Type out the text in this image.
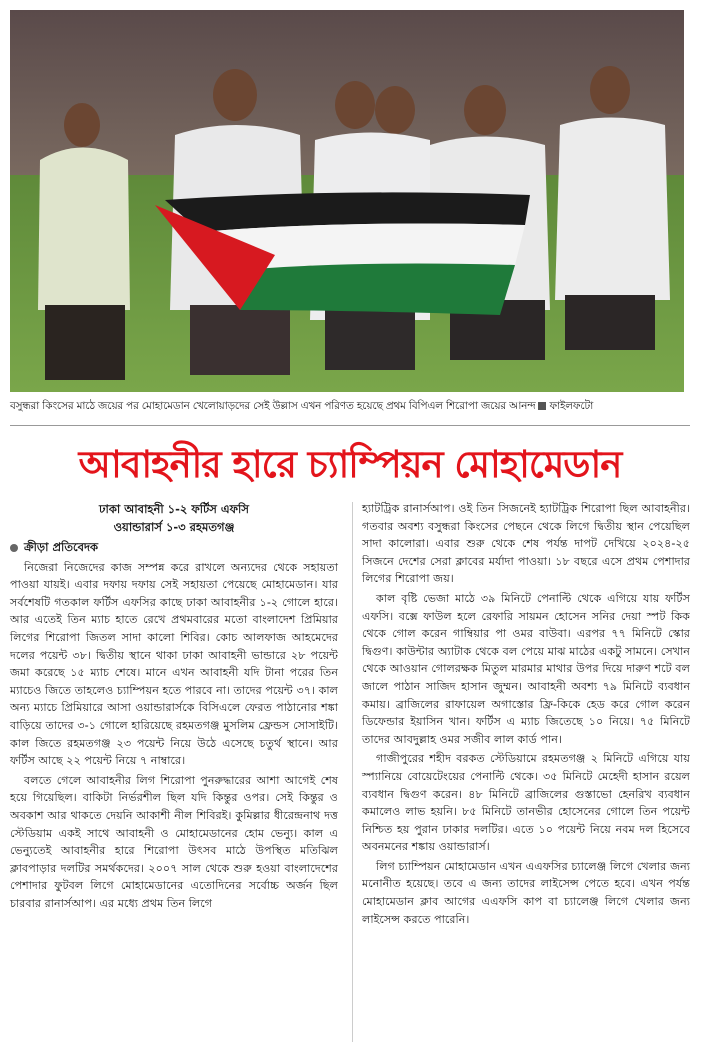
বসুন্ধরা কিংসের মাঠে জয়ের পর মোহামেডান খেলোয়াড়দের সেই উল্লাস এখন পরিণত হয়েছে প্রথম বিপিএল শিরোপা জয়ের আনন্দ ফাইলফটো
আবাহনীর হারে চ্যাম্পিয়ন মোহামেডান
ঢাকা আবাহনী ১-২ ফর্টিস এফসি
ওয়ান্ডারার্স ১-৩ রহমতগঞ্জ
ক্রীড়া প্রতিবেদক

নিজেরা নিজেদের কাজ সম্পন্ন করে রাখলে অন্যদের থেকে সহায়তা পাওয়া যায়ই। এবার দফায় দফায় সেই সহায়তা পেয়েছে মোহামেডান। যার সর্বশেষটি গতকাল ফর্টিস এফসির কাছে ঢাকা আবাহনীর ১-২ গোলে হারে। আর এতেই তিন ম্যাচ হাতে রেখে প্রথমবারের মতো বাংলাদেশ প্রিমিয়ার লিগের শিরোপা জিতল সাদা কালো শিবির। কোচ আলফাজ আহমেদের দলের পয়েন্ট ৩৮। দ্বিতীয় স্থানে থাকা ঢাকা আবাহনী ভান্ডারে ২৮ পয়েন্ট জমা করেছে ১৫ ম্যাচ শেষে। মানে এখন আবাহনী যদি টানা পরের তিন ম্যাচেও জিতে তাহলেও চ্যাম্পিয়ন হতে পারবে না। তাদের পয়েন্ট ৩৭। কাল অন্য ম্যাচে প্রিমিয়ারে আসা ওয়ান্ডারার্সকে বিসিএলে ফেরত পাঠানোর শঙ্কা বাড়িয়ে তাদের ৩-১ গোলে হারিয়েছে রহমতগঞ্জ মুসলিম ফ্রেন্ডস সোসাইটি। কাল জিতে রহমতগঞ্জ ২৩ পয়েন্ট নিয়ে উঠে এসেছে চতুর্থ স্থানে। আর ফর্টিস আছে ২২ পয়েন্ট নিয়ে ৭ নাম্বারে।

বলতে গেলে আবাহনীর লিগ শিরোপা পুনরুদ্ধারের আশা আগেই শেষ হয়ে গিয়েছিল। বাকিটা নির্ভরশীল ছিল যদি কিন্তুর ওপর। সেই কিন্তুর ও অবকাশ আর থাকতে দেয়নি আকাশী নীল শিবিরই। কুমিল্লার ধীরেন্দ্রনাথ দত্ত স্টেডিয়াম একই সাথে আবাহনী ও মোহামেডানের হোম ভেন্যু। কাল এ ভেন্যুতেই আবাহনীর হারে শিরোপা উৎসব মাঠে উপস্থিত মতিঝিল ক্লাবপাড়ার দলটির সমর্থকদের। ২০০৭ সাল থেকে শুরু হওয়া বাংলাদেশের পেশাদার ফুটবল লিগে মোহামেডানের এতোদিনের সর্বোচ্চ অর্জন ছিল চারবার রানার্সআপ। এর মধ্যে প্রথম তিন লিগে

হ্যাটট্রিক রানার্সআপ। ওই তিন সিজনেই হ্যাটট্রিক শিরোপা ছিল আবাহনীর। গতবার অবশ্য বসুন্ধরা কিংসের পেছনে থেকে লিগে দ্বিতীয় স্থান পেয়েছিল সাদা কালোরা। এবার শুরু থেকে শেষ পর্যন্ত দাপট দেখিয়ে ২০২৪-২৫ সিজনে দেশের সেরা ক্লাবের মর্যাদা পাওয়া। ১৮ বছরে এসে প্রথম পেশাদার লিগের শিরোপা জয়।

কাল বৃষ্টি ভেজা মাঠে ৩৯ মিনিটে পেনাল্টি থেকে এগিয়ে যায় ফর্টিস এফসি। বক্সে ফাউল হলে রেফারি সায়মন হোসেন সনির দেয়া স্পট কিক থেকে গোল করেন গাম্বিয়ার পা ওমর বাউবা। এরপর ৭৭ মিনিটে স্কোর দ্বিগুণ। কাউন্টার অ্যাটাক থেকে বল পেয়ে মাঝ মাঠের একটু সামনে। সেখান থেকে আওয়ান গোলরক্ষক মিতুল মারমার মাথার উপর দিয়ে দারুণ শটে বল জালে পাঠান সাজিদ হাসান জুম্মন। আবাহনী অবশ্য ৭৯ মিনিটে ব্যবধান কমায়। ব্রাজিলের রাফায়েল অগাস্তোর ফ্রি-কিকে হেড করে গোল করেন ডিফেন্ডার ইয়াসিন খান। ফর্টিস এ ম্যাচ জিতেছে ১০ নিয়ে। ৭৫ মিনিটে তাদের আবদুল্লাহ ওমর সজীব লাল কার্ড পান।

গাজীপুরের শহীদ বরকত স্টেডিয়ামে রহমতগঞ্জ ২ মিনিটে এগিয়ে যায় স্প্যানিয়ে বোয়েটেংয়ের পেনাল্টি থেকে। ৩৫ মিনিটে মেহেদী হাসান রয়েল ব্যবধান দ্বিগুণ করেন। ৪৮ মিনিটে ব্রাজিলের গুস্তাভো হেনরিখ ব্যবধান কমালেও লাভ হয়নি। ৮৫ মিনিটে তানভীর হোসেনের গোলে তিন পয়েন্ট নিশ্চিত হয় পুরান ঢাকার দলটির। এতে ১০ পয়েন্ট নিয়ে নবম দল হিসেবে অবনমনের শঙ্কায় ওয়ান্ডারার্স।

লিগ চ্যাম্পিয়ন মোহামেডান এখন এএফসির চ্যালেঞ্জ লিগে খেলার জন্য মনোনীত হয়েছে। তবে এ জন্য তাদের লাইসেন্স পেতে হবে। এখন পর্যন্ত মোহামেডান ক্লাব আগের এএফসি কাপ বা চ্যালেঞ্জ লিগে খেলার জন্য লাইসেন্স করতে পারেনি।
